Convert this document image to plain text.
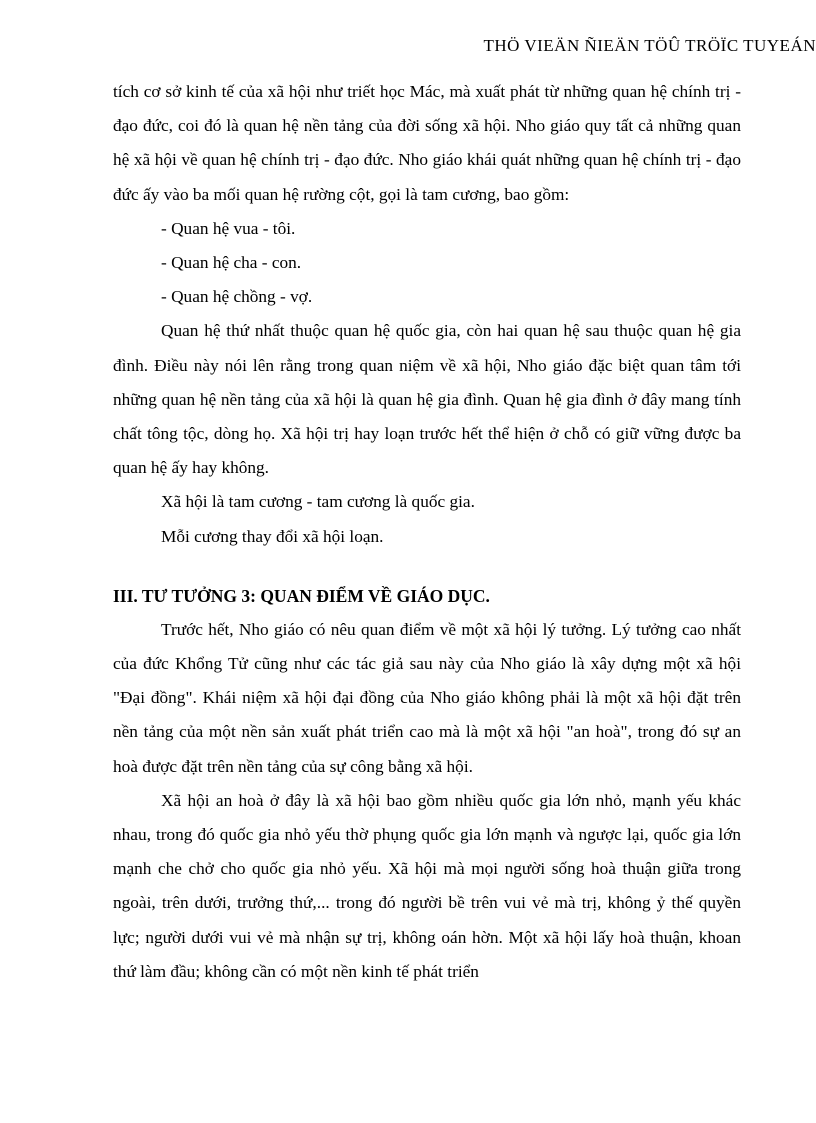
THÖ VIEÄN ÑIEÄN TÖÛ TRÖÏC TUYEÁN

tích cơ sở kinh tế của xã hội như triết học Mác, mà xuất phát từ những quan hệ chính trị - đạo đức, coi đó là quan hệ nền tảng của đời sống xã hội. Nho giáo quy tất cả những quan hệ xã hội về quan hệ chính trị - đạo đức. Nho giáo khái quát những quan hệ chính trị - đạo đức ấy vào ba mối quan hệ rường cột, gọi là tam cương, bao gồm:

- Quan hệ vua - tôi.

- Quan hệ cha - con.

- Quan hệ chồng - vợ.

Quan hệ thứ nhất thuộc quan hệ quốc gia, còn hai quan hệ sau thuộc quan hệ gia đình. Điều này nói lên rằng trong quan niệm về xã hội, Nho giáo đặc biệt quan tâm tới những quan hệ nền tảng của xã hội là quan hệ gia đình. Quan hệ gia đình ở đây mang tính chất tông tộc, dòng họ. Xã hội trị hay loạn trước hết thể hiện ở chỗ có giữ vững được ba quan hệ ấy hay không.

Xã hội là tam cương - tam cương là quốc gia.

Mỗi cương thay đổi xã hội loạn.

III. TƯ TƯỞNG 3: QUAN ĐIỂM VỀ GIÁO DỤC.

Trước hết, Nho giáo có nêu quan điểm về một xã hội lý tưởng. Lý tưởng cao nhất của đức Khổng Tử cũng như các tác giả sau này của Nho giáo là xây dựng một xã hội "Đại đồng". Khái niệm xã hội đại đồng của Nho giáo không phải là một xã hội đặt trên nền tảng của một nền sản xuất phát triển cao mà là một xã hội "an hoà", trong đó sự an hoà được đặt trên nền tảng của sự công bằng xã hội.

Xã hội an hoà ở đây là xã hội bao gồm nhiều quốc gia lớn nhỏ, mạnh yếu khác nhau, trong đó quốc gia nhỏ yếu thờ phụng quốc gia lớn mạnh và ngược lại, quốc gia lớn mạnh che chở cho quốc gia nhỏ yếu. Xã hội mà mọi người sống hoà thuận giữa trong ngoài, trên dưới, trưởng thứ,... trong đó người bề trên vui vẻ mà trị, không ỷ thế quyền lực; người dưới vui vẻ mà nhận sự trị, không oán hờn. Một xã hội lấy hoà thuận, khoan thứ làm đầu; không cần có một nền kinh tế phát triển
